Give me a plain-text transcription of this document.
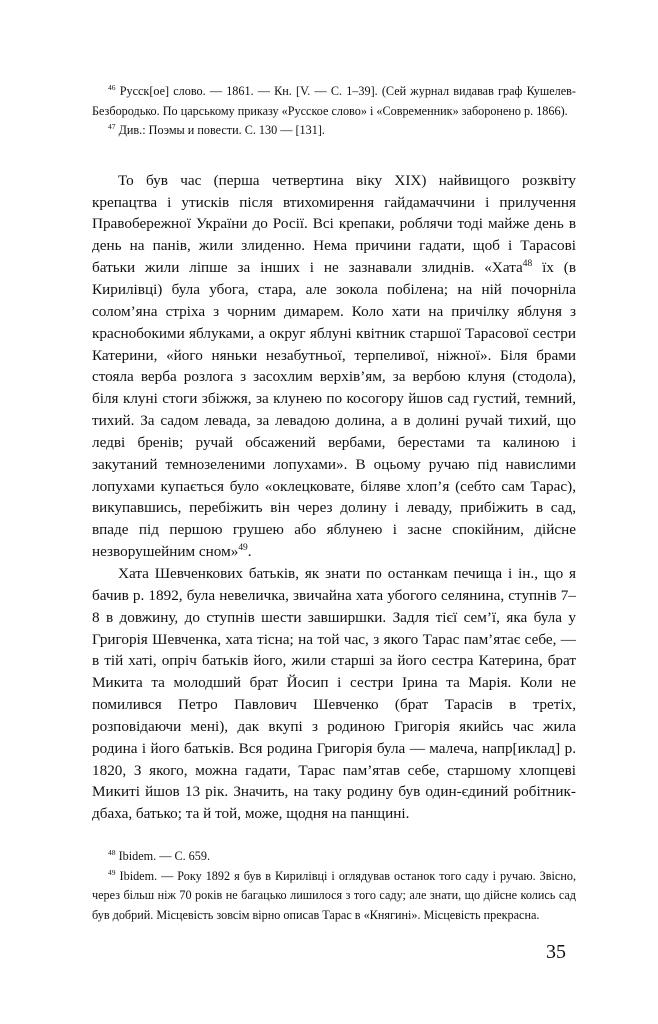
$^{46}$ Русск[ое] слово. — 1861. — Кн. [V. — С. 1–39]. (Сей журнал видавав граф Кушелев-Безбородько. По царському приказу «Русское слово» і «Современник» заборонено р. 1866).

$^{47}$ Див.: Поэмы и повести. С. 130 — [131].

То був час (перша четвертина віку XIX) найвищого розквіту крепацтва і утисків після втихомирення гайдамаччини і прилучення Правобережної України до Росії. Всі крепаки, роблячи тоді майже день в день на панів, жили злиденно. Нема причини гадати, щоб і Тарасові батьки жили ліпше за інших і не зазнавали злиднів. «Хата$^{48}$ їх (в Кирилівці) була убога, стара, але зокола побілена; на ній почорніла солом’яна стріха з чорним димарем. Коло хати на причілку яблуня з краснобокими яблуками, а округ яблуні квітник старшої Тарасової сестри Катерини, «його няньки незабутньої, терпеливої, ніжної». Біля брами стояла верба розлога з засохлим верхів’ям, за вербою клуня (стодола), біля клуні стоги збіжжя, за клунею по косогору йшов сад густий, темний, тихий. За садом левада, за левадою долина, а в долині ручай тихий, що ледві бренів; ручай обсажений вербами, берестами та калиною і закутаний темнозеленими лопухами». В оцьому ручаю під навислими лопухами купається було «оклецковате, біляве хлоп’я (себто сам Тарас), викупавшись, перебіжить він через долину і леваду, прибіжить в сад, впаде під першою грушею або яблунею і засне спокійним, дійсне незворушейним сном»$^{49}$.

Хата Шевченкових батьків, як знати по останкам печища і ін., що я бачив р. 1892, була невеличка, звичайна хата убогого селянина, ступнів 7–8 в довжину, до ступнів шести завширшки. Задля тієї сем’ї, яка була у Григорія Шевченка, хата тісна; на той час, з якого Тарас пам’ятає себе, — в тій хаті, опріч батьків його, жили старші за його сестра Катерина, брат Микита та молодший брат Йосип і сестри Ірина та Марія. Коли не помилився Петро Павлович Шевченко (брат Тарасів в третіх, розповідаючи мені), дак вкупі з родиною Григорія якийсь час жила родина і його батьків. Вся родина Григорія була — малеча, напр[иклад] р. 1820, З якого, можна гадати, Тарас пам’ятав себе, старшому хлопцеві Микиті йшов 13 рік. Значить, на таку родину був один-єдиний робітник-дбаха, батько; та й той, може, щодня на панщині.

$^{48}$ Ibidem. — С. 659.

$^{49}$ Ibidem. — Року 1892 я був в Кирилівці і оглядував останок того саду і ручаю. Звісно, через більш ніж 70 років не багацько лишилося з того саду; але знати, що дійсне колись сад був добрий. Місцевість зовсім вірно описав Тарас в «Княгині». Місцевість прекрасна.

35
